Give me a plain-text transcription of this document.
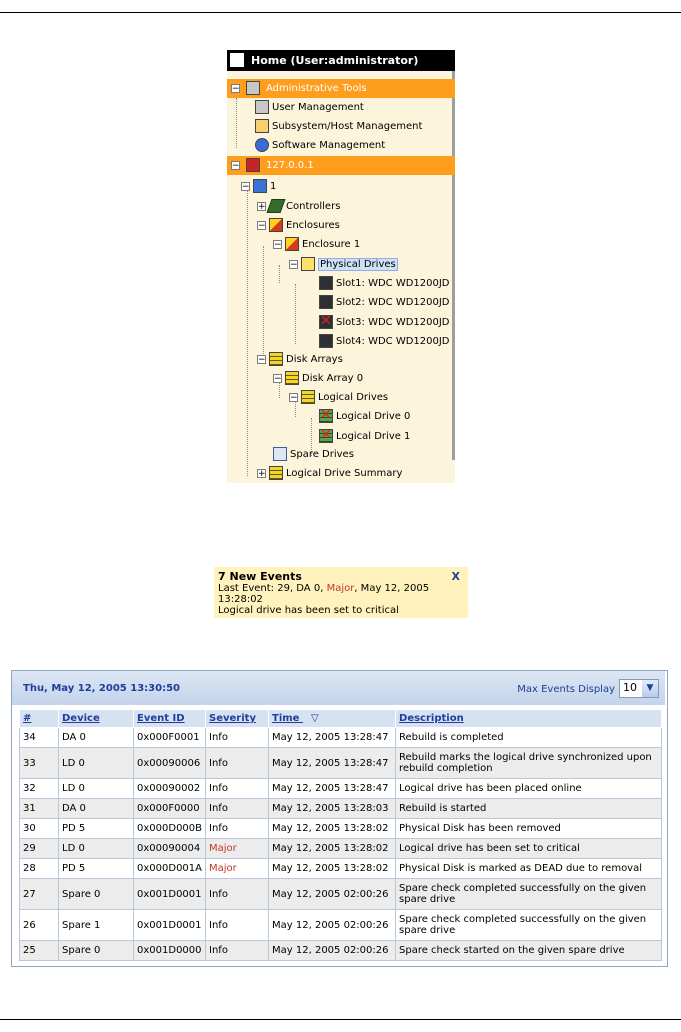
Home (User:administrator)
−	Administrative Tools
User Management
Subsystem/Host Management
Software Management
−	127.0.0.1
− 1
+ Controllers
− Enclosures
− Enclosure 1
− Physical Drives
Slot1: WDC WD1200JD
Slot2: WDC WD1200JD
✕Slot3: WDC WD1200JD
Slot4: WDC WD1200JD
− Disk Arrays
− Disk Array 0
− Logical Drives
✕Logical Drive 0
✕Logical Drive 1
Spare Drives
+ Logical Drive Summary
7 New Events	X
Last Event: 29, DA 0, Major, May 12, 2005 13:28:02
Logical drive has been set to critical
Thu, May 12, 2005 13:30:50	Max Events Display 10	▼
#	Device	Event ID	Severity	Time ▽	Description
34	DA 0	0x000F0001	Info	May 12, 2005 13:28:47	Rebuild is completed
33	LD 0	0x00090006	Info	May 12, 2005 13:28:47	Rebuild marks the logical drive synchronized upon rebuild completion
32	LD 0	0x00090002	Info	May 12, 2005 13:28:47	Logical drive has been placed online
31	DA 0	0x000F0000	Info	May 12, 2005 13:28:03	Rebuild is started
30	PD 5	0x000D000B	Info	May 12, 2005 13:28:02	Physical Disk has been removed
29	LD 0	0x00090004	Major	May 12, 2005 13:28:02	Logical drive has been set to critical
28	PD 5	0x000D001A	Major	May 12, 2005 13:28:02	Physical Disk is marked as DEAD due to removal
27	Spare 0	0x001D0001	Info	May 12, 2005 02:00:26	Spare check completed successfully on the given spare drive
26	Spare 1	0x001D0001	Info	May 12, 2005 02:00:26	Spare check completed successfully on the given spare drive
25	Spare 0	0x001D0000	Info	May 12, 2005 02:00:26	Spare check started on the given spare drive
